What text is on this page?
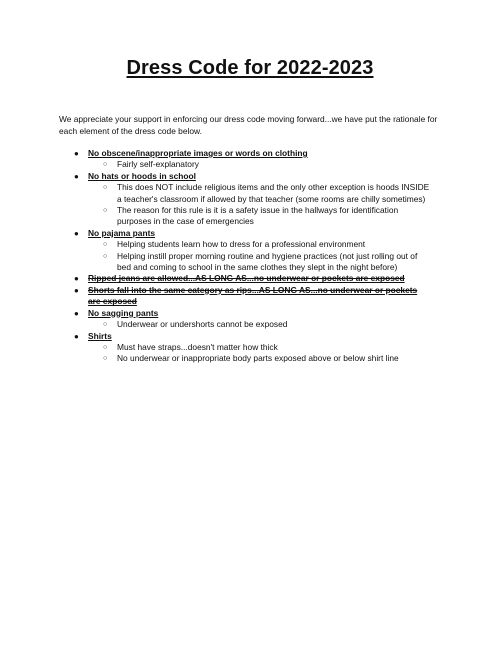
Dress Code for 2022-2023
We appreciate your support in enforcing our dress code moving forward...we have put the rationale for each element of the dress code below.
● No obscene/inappropriate images or words on clothing
○ Fairly self-explanatory
● No hats or hoods in school
○ This does NOT include religious items and the only other exception is hoods INSIDE a teacher's classroom if allowed by that teacher (some rooms are chilly sometimes)
○ The reason for this rule is it is a safety issue in the hallways for identification purposes in the case of emergencies
● No pajama pants
○ Helping students learn how to dress for a professional environment
○ Helping instill proper morning routine and hygiene practices (not just rolling out of bed and coming to school in the same clothes they slept in the night before)
● Ripped jeans are allowed...AS LONG AS...no underwear or pockets are exposed
● Shorts fall into the same category as rips...AS LONG AS...no underwear or pockets are exposed
● No sagging pants
○ Underwear or undershorts cannot be exposed
● Shirts
○ Must have straps...doesn't matter how thick
○ No underwear or inappropriate body parts exposed above or below shirt line
